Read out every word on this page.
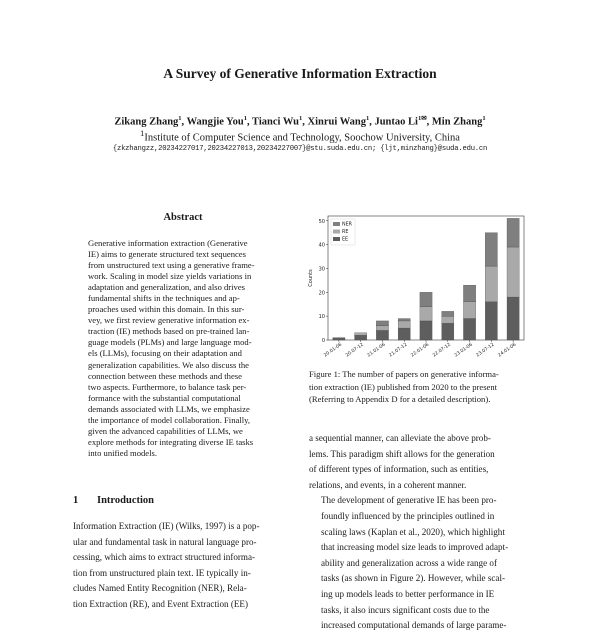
A Survey of Generative Information Extraction
Zikang Zhang$^1$, Wangjie You$^1$, Tianci Wu$^1$, Xinrui Wang$^1$, Juntao $Li^{1✉}$, Min Zhang$^1$
$^1$Institute of Computer Science and Technology, Soochow University, China
{zkzhangzz,20234227017,20234227013,20234227007}@stu.suda.edu.cn; {ljt,minzhang}@suda.edu.cn
Abstract
Generative information extraction (Generative
IE) aims to generate structured text sequences
from unstructured text using a generative frame-
work. Scaling in model size yields variations in
adaptation and generalization, and also drives
fundamental shifts in the techniques and ap-
proaches used within this domain. In this sur-
vey, we first review generative information ex-
traction (IE) methods based on pre-trained lan-
guage models (PLMs) and large language mod-
els (LLMs), focusing on their adaptation and
generalization capabilities. We also discuss the
connection between these methods and these
two aspects. Furthermore, to balance task per-
formance with the substantial computational
demands associated with LLMs, we emphasize
the importance of model collaboration. Finally,
given the advanced capabilities of LLMs, we
explore methods for integrating diverse IE tasks
into unified models.
1 Introduction
Information Extraction (IE) (Wilks, 1997) is a pop-
ular and fundamental task in natural language pro-
cessing, which aims to extract structured informa-
tion from unstructured plain text. IE typically in-
cludes Named Entity Recognition (NER), Rela-
tion Extraction (RE), and Event Extraction (EE)
0
10
20
30
40
50
Counts
20.01-06 20.07-12 21.01-06 21.07-12 22.01-06 22.07-12 23.01-06 23.07-12 24.01-06
NER
RE
EE
Figure 1: The number of papers on generative informa-
tion extraction (IE) published from 2020 to the present
(Referring to Appendix D for a detailed description).
a sequential manner, can alleviate the above prob-
lems. This paradigm shift allows for the generation
of different types of information, such as entities,
relations, and events, in a coherent manner.
The development of generative IE has been pro-
foundly influenced by the principles outlined in
scaling laws (Kaplan et al., 2020), which highlight
that increasing model size leads to improved adapt-
ability and generalization across a wide range of
tasks (as shown in Figure 2). However, while scal-
ing up models leads to better performance in IE
tasks, it also incurs significant costs due to the
increased computational demands of large parame-
